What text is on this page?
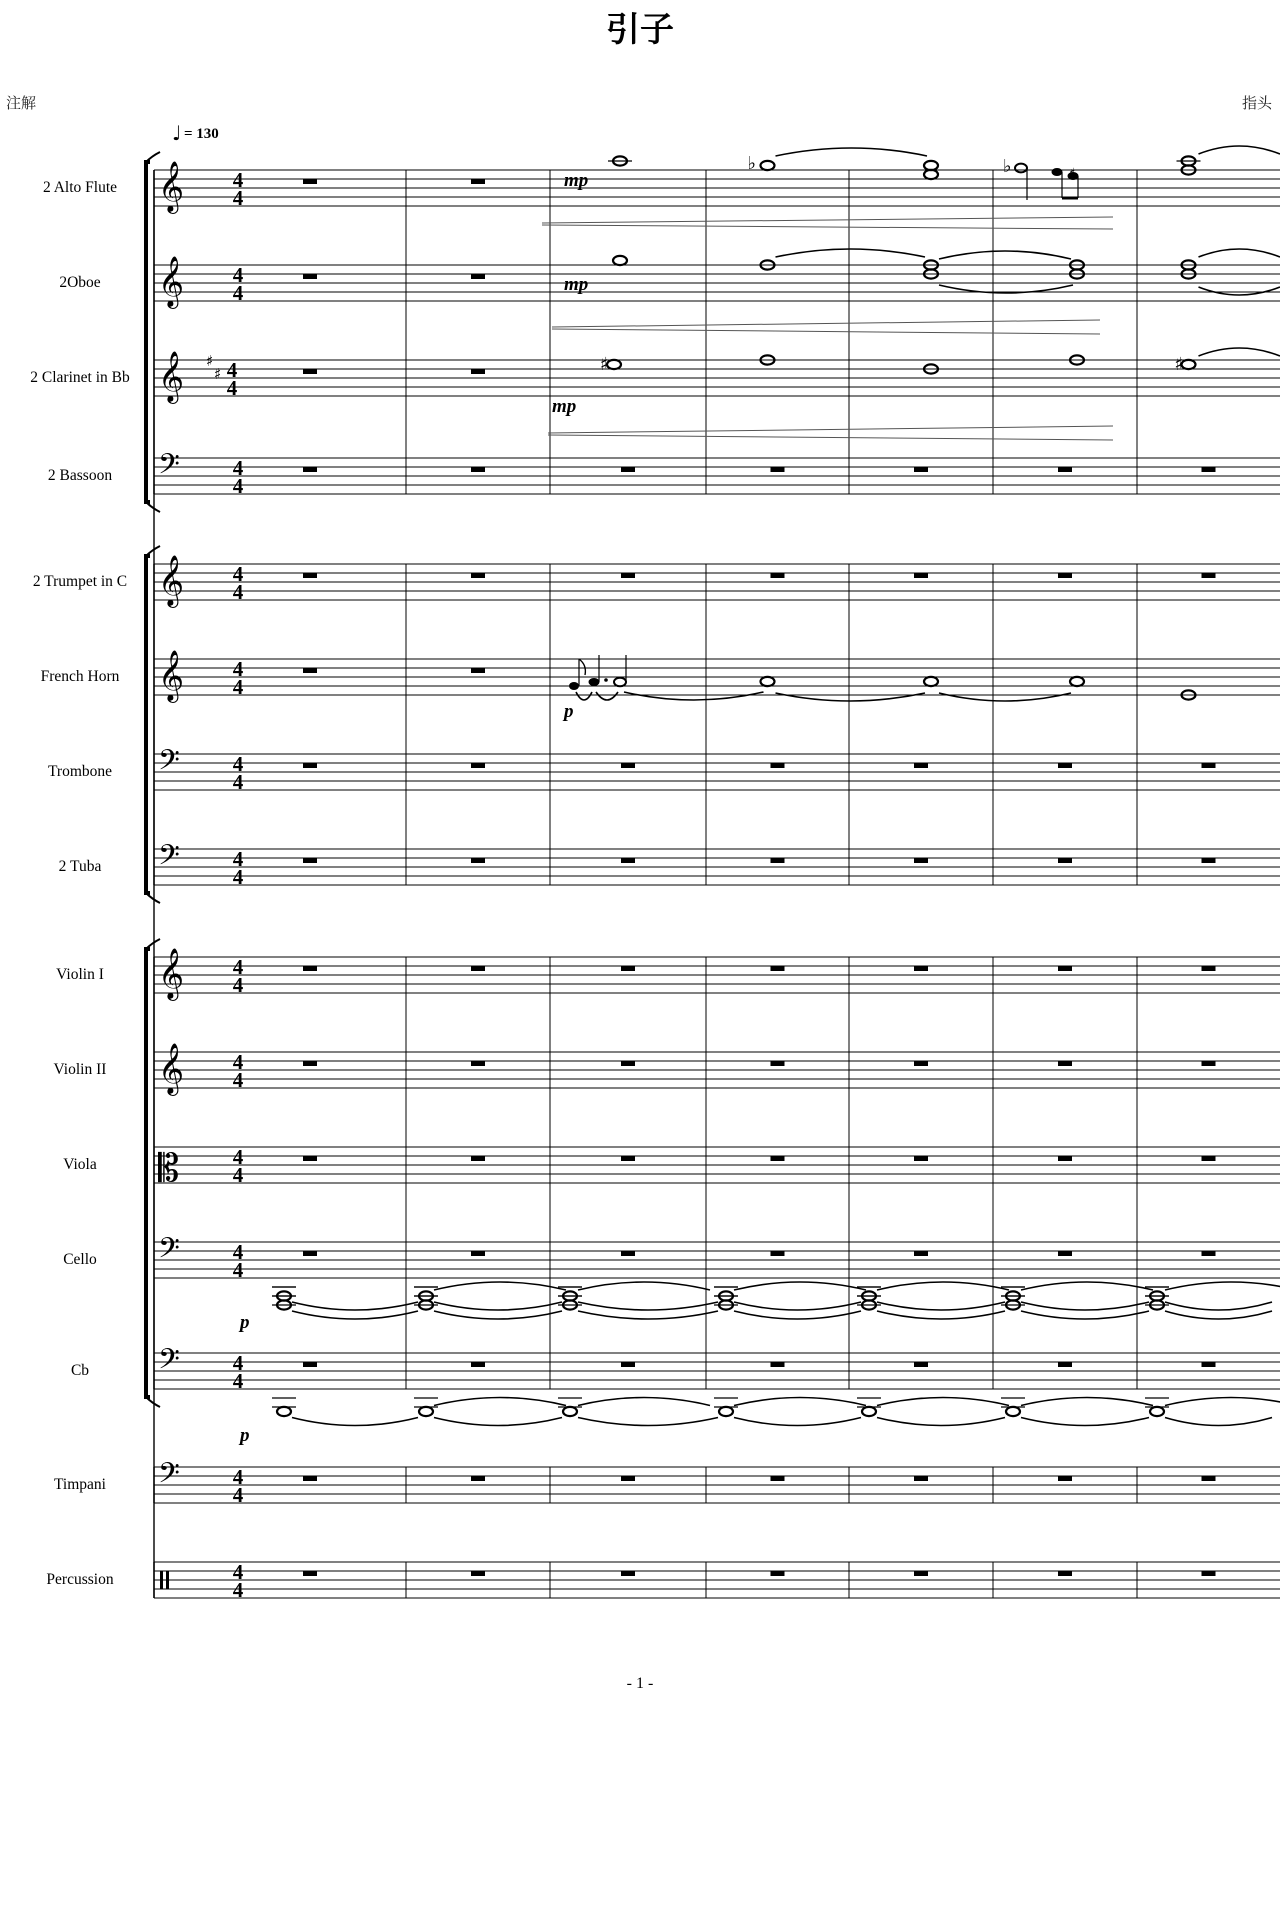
引子
注解	指头
- 1 -
2 Alto Flute
2Oboe
2 Clarinet in Bb
2 Bassoon
2 Trumpet in C
French Horn
Trombone
2 Tuba
Violin I
Violin II
Viola
Cello
Cb
Timpani
Percussion
𝄞
𝄞
𝄞
𝄢
𝄞
𝄞
𝄢
𝄢
𝄞
𝄞
𝄡
𝄢
𝄢
𝄢
♯
♯
4
4
4
4
4
4
4
4
4
4
4
4
4
4
4
4
4
4
4
4
4
4
4
4
4
4
4
4
4
4
♩ = 130
♭	♭	♯
mp
mp
♯	♯
mp
p
p
p
